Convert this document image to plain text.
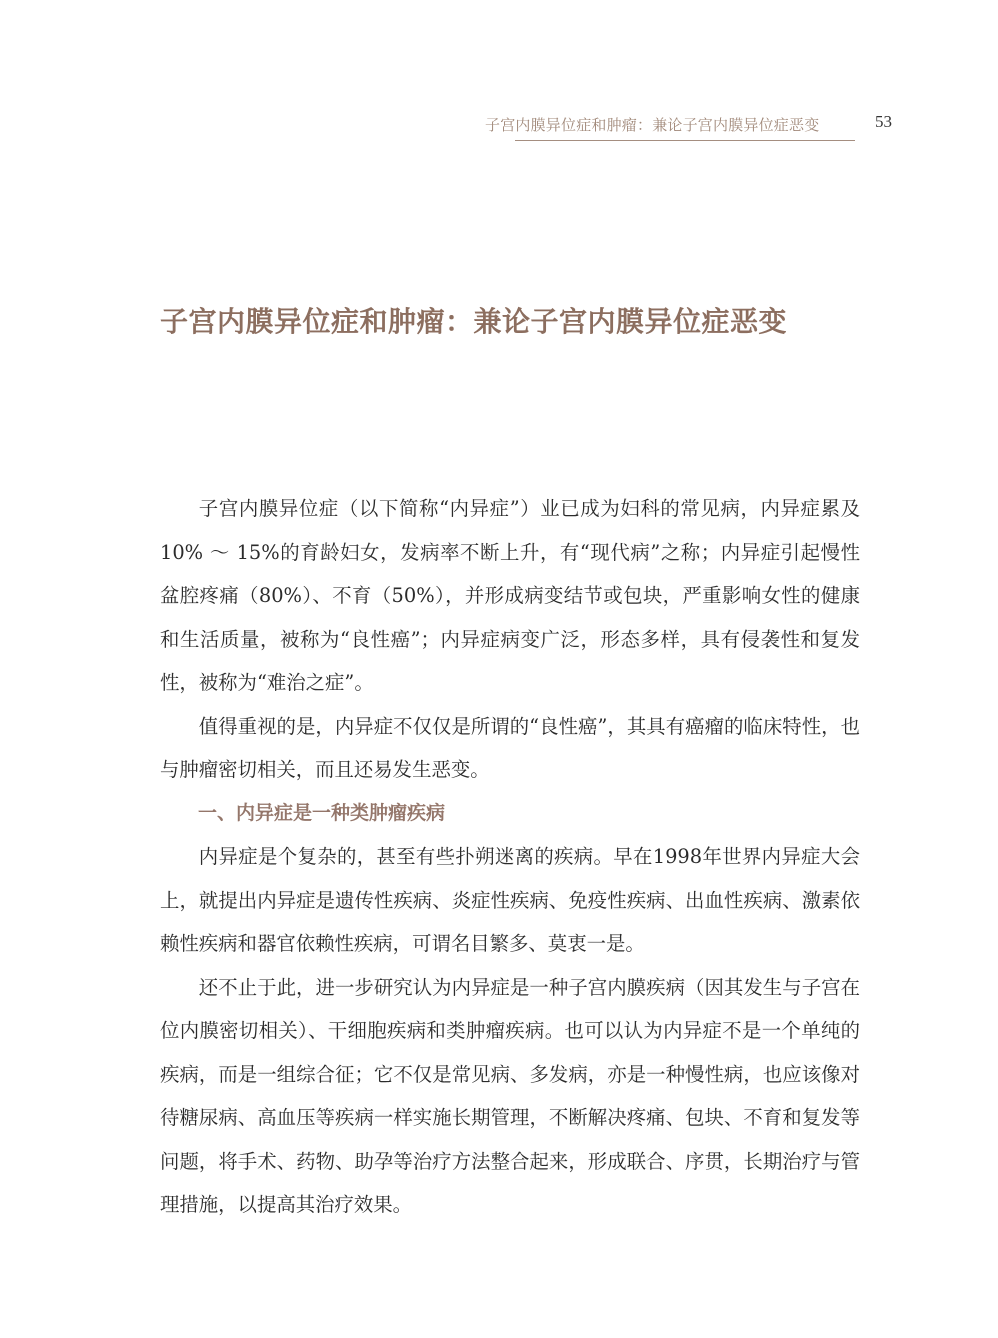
子宫内膜异位症和肿瘤：兼论子宫内膜异位症恶变	53
子宫内膜异位症和肿瘤：兼论子宫内膜异位症恶变

子宫内膜异位症（以下简称“内异症”）业已成为妇科的常见病，内异症累及10% ～ 15%的育龄妇女，发病率不断上升，有“现代病”之称；内异症引起慢性盆腔疼痛（80%）、不育（50%），并形成病变结节或包块，严重影响女性的健康和生活质量，被称为“良性癌”；内异症病变广泛，形态多样，具有侵袭性和复发性，被称为“难治之症”。

值得重视的是，内异症不仅仅是所谓的“良性癌”，其具有癌瘤的临床特性，也与肿瘤密切相关，而且还易发生恶变。

一、内异症是一种类肿瘤疾病

内异症是个复杂的，甚至有些扑朔迷离的疾病。早在1998年世界内异症大会上，就提出内异症是遗传性疾病、炎症性疾病、免疫性疾病、出血性疾病、激素依赖性疾病和器官依赖性疾病，可谓名目繁多、莫衷一是。

还不止于此，进一步研究认为内异症是一种子宫内膜疾病（因其发生与子宫在位内膜密切相关）、干细胞疾病和类肿瘤疾病。也可以认为内异症不是一个单纯的疾病，而是一组综合征；它不仅是常见病、多发病，亦是一种慢性病，也应该像对待糖尿病、高血压等疾病一样实施长期管理，不断解决疼痛、包块、不育和复发等问题，将手术、药物、助孕等治疗方法整合起来，形成联合、序贯，长期治疗与管理措施，以提高其治疗效果。
